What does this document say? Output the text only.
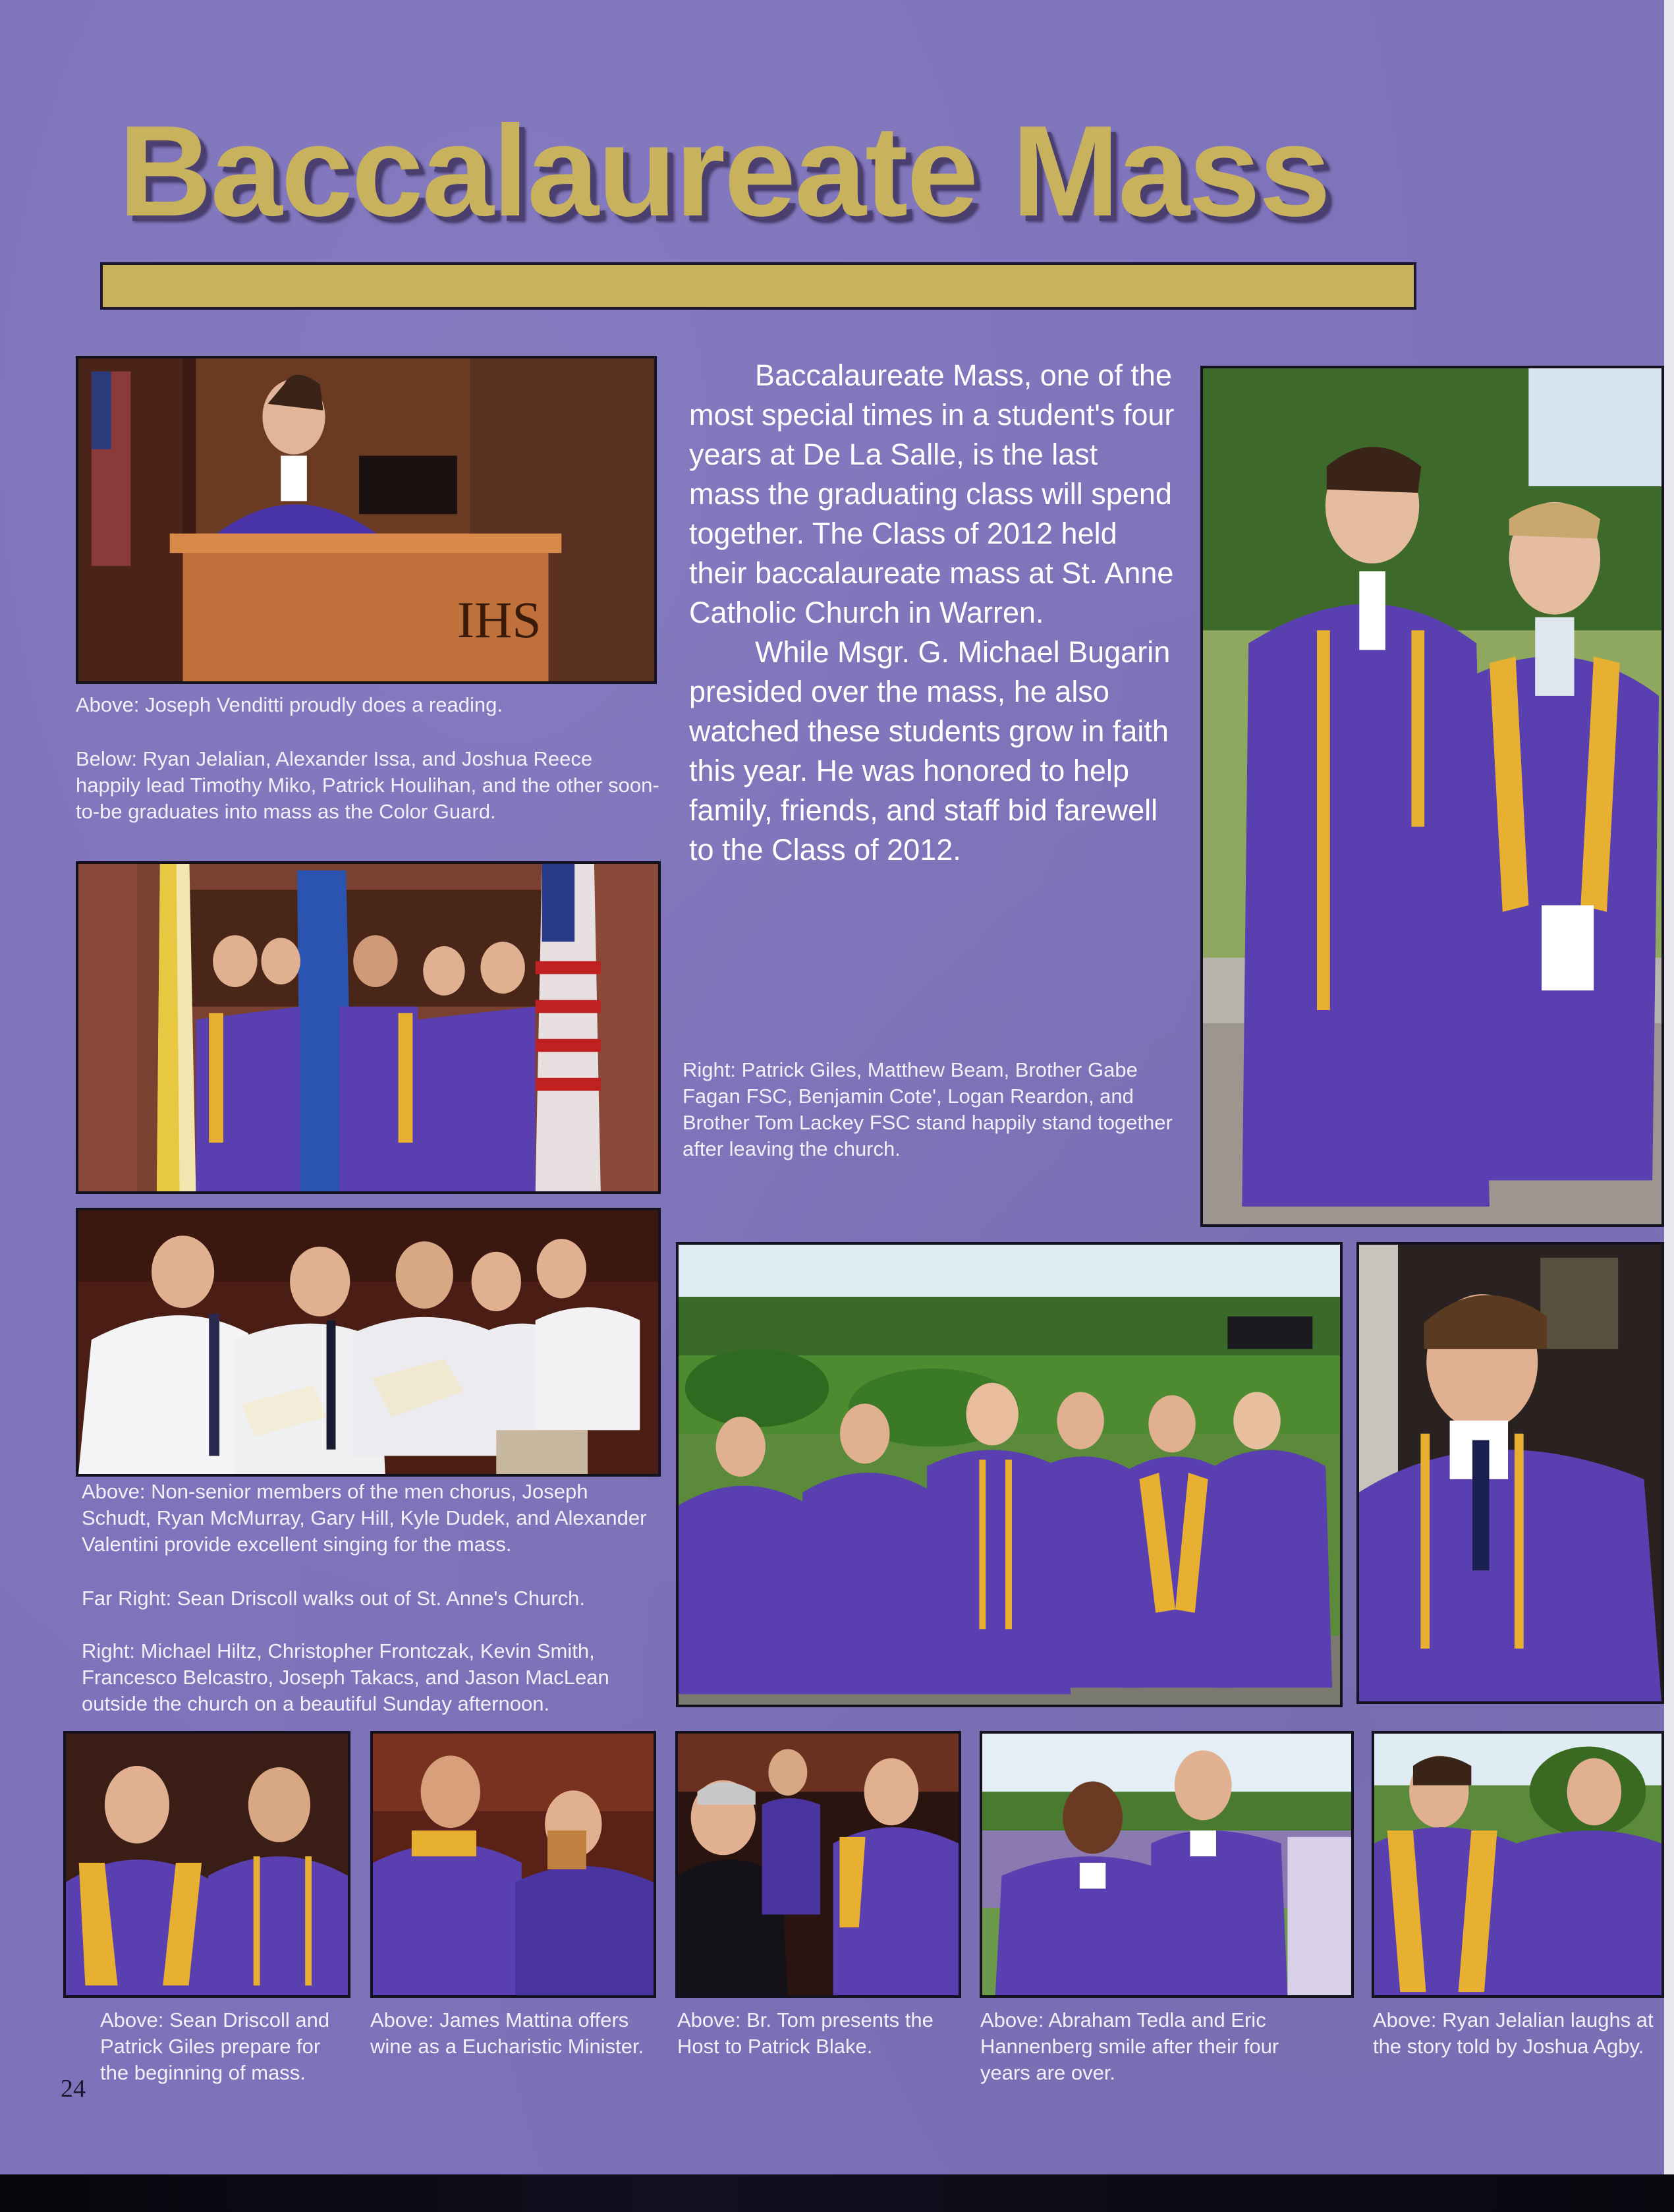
Baccalaureate Mass
IHS
Above: Joseph Venditti proudly does a reading.
Below: Ryan Jelalian, Alexander Issa, and Joshua Reece happily lead Timothy Miko, Patrick Houlihan, and the other soon-to-be graduates into mass as the Color Guard.

Baccalaureate Mass, one of the most special times in a student's four years at De La Salle, is the last mass the graduating class will spend together. The Class of 2012 held their baccalaureate mass at St. Anne Catholic Church in Warren.

While Msgr. G. Michael Bugarin presided over the mass, he also watched these students grow in faith this year. He was honored to help family, friends, and staff bid farewell to the Class of 2012.

Right: Patrick Giles, Matthew Beam, Brother Gabe Fagan FSC, Benjamin Cote', Logan Reardon, and Brother Tom Lackey FSC stand happily stand together after leaving the church.
Above: Non-senior members of the men chorus, Joseph Schudt, Ryan McMurray, Gary Hill, Kyle Dudek, and Alexander Valentini provide excellent singing for the mass.
Far Right: Sean Driscoll walks out of St. Anne's Church.
Right: Michael Hiltz, Christopher Frontczak, Kevin Smith, Francesco Belcastro, Joseph Takacs, and Jason MacLean outside the church on a beautiful Sunday afternoon.
Above: Sean Driscoll and Patrick Giles prepare for the beginning of mass.
Above: James Mattina offers wine as a Eucharistic Minister.
Above: Br. Tom presents the Host to Patrick Blake.
Above: Abraham Tedla and Eric Hannenberg smile after their four years are over.
Above: Ryan Jelalian laughs at the story told by Joshua Agby.
24
